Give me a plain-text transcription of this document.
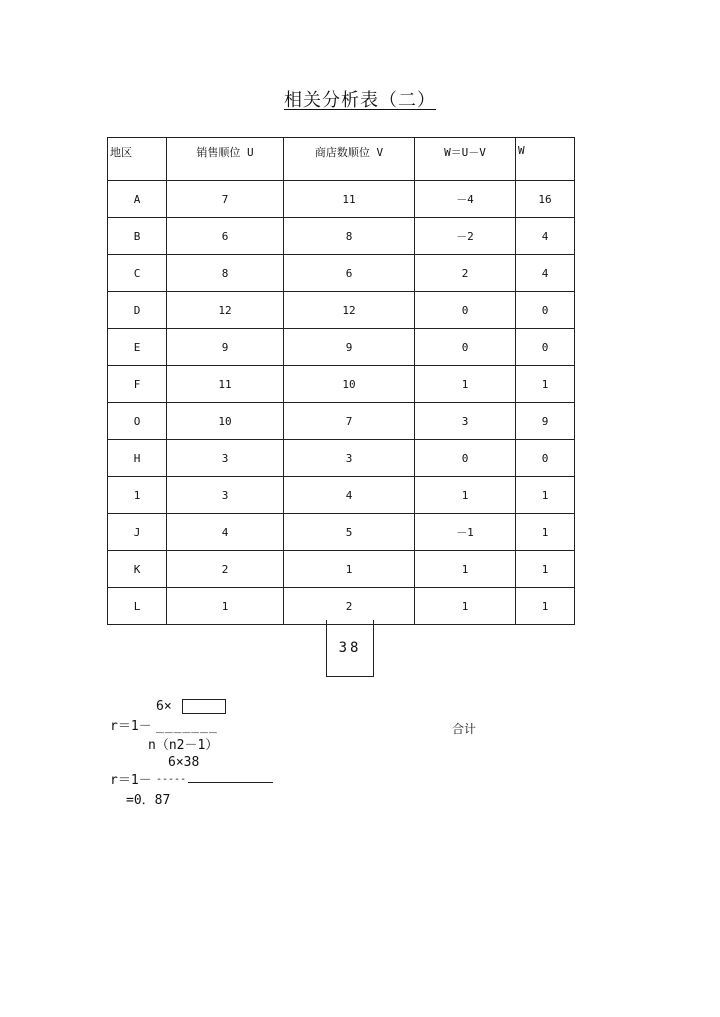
相关分析表（二）
地区	销售顺位 U	商店数顺位 V	W＝U－V	W
A	7	11	－4	16
B	6	8	－2	4
C	8	6	2	4
D	12	12	0	0
E	9	9	0	0
F	11	10	1	1
O	10	7	3	9
H	3	3	0	0
1	3	4	1	1
J	4	5	－1	1
K	2	1	1	1
L	1	2	1	1
38
6×
r＝1－ _______
n（n2－1）
6×38
r＝1－ -----
=0．87
合计
